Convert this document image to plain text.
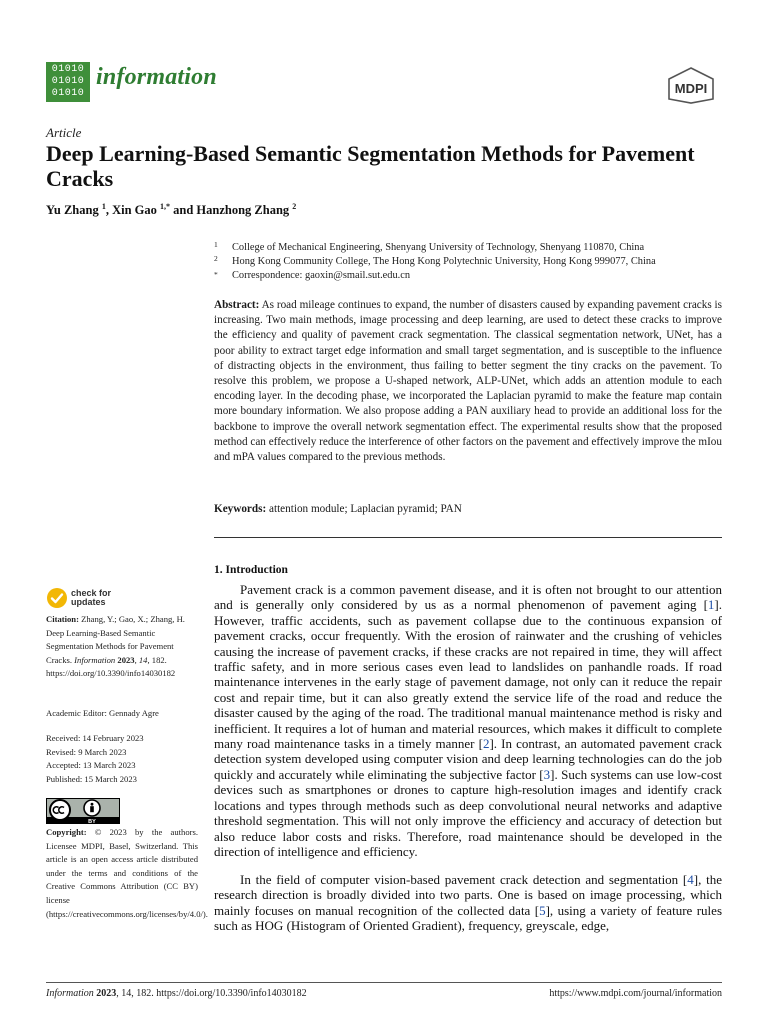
01010
01010
01010
information	MDPI
Article
Deep Learning-Based Semantic Segmentation Methods for Pavement Cracks
Yu Zhang $^1$, Xin Gao $^{1,*}$ and Hanzhong Zhang $^2$
1 College of Mechanical Engineering, Shenyang University of Technology, Shenyang 110870, China
2 Hong Kong Community College, The Hong Kong Polytechnic University, Hong Kong 999077, China
* Correspondence: gaoxin@smail.sut.edu.cn
Abstract: As road mileage continues to expand, the number of disasters caused by expanding pavement cracks is increasing. Two main methods, image processing and deep learning, are used to detect these cracks to improve the efficiency and quality of pavement crack segmentation. The classical segmentation network, UNet, has a poor ability to extract target edge information and small target segmentation, and is susceptible to the influence of distracting objects in the environment, thus failing to better segment the tiny cracks on the pavement. To resolve this problem, we propose a U-shaped network, ALP-UNet, which adds an attention module to each encoding layer. In the decoding phase, we incorporated the Laplacian pyramid to make the feature map contain more boundary information. We also propose adding a PAN auxiliary head to provide an additional loss for the backbone to improve the overall network segmentation effect. The experimental results show that the proposed method can effectively reduce the interference of other factors on the pavement and effectively improve the mIou and mPA values compared to the previous methods.
Keywords: attention module; Laplacian pyramid; PAN
1. Introduction
Pavement crack is a common pavement disease, and it is often not brought to our attention and is generally only considered by us as a normal phenomenon of pavement aging [1]. However, traffic accidents, such as pavement collapse due to the continuous expansion of pavement cracks, occur frequently. With the erosion of rainwater and the crushing of vehicles causing the increase of pavement cracks, if these cracks are not repaired in time, they will affect traffic safety, and in more serious cases even lead to landslides on panhandle roads. If road maintenance intervenes in the early stage of pavement damage, not only can it reduce the repair cost and repair time, but it can also greatly extend the service life of the road and reduce the disaster caused by the aging of the road. The traditional manual maintenance method is risky and inefficient. It requires a lot of human and material resources, which makes it difficult to complete many road maintenance tasks in a timely manner [2]. In contrast, an automated pavement crack detection system developed using computer vision and deep learning technologies can do the job quickly and accurately while eliminating the subjective factor [3]. Such systems can use low-cost devices such as smartphones or drones to capture high-resolution images and identify crack locations and types through methods such as deep convolutional neural networks and adaptive threshold segmentation. This will not only improve the efficiency and accuracy of detection but also reduce labor costs and risks. Therefore, road maintenance should be developed in the direction of intelligence and efficiency.
In the field of computer vision-based pavement crack detection and segmentation [4], the research direction is broadly divided into two parts. One is based on image processing, which mainly focuses on manual recognition of the collected data [5], using a variety of feature rules such as HOG (Histogram of Oriented Gradient), frequency, greyscale, edge,
check for
updates
Citation: Zhang, Y.; Gao, X.; Zhang, H. Deep Learning-Based Semantic Segmentation Methods for Pavement Cracks. Information 2023, 14, 182. https://doi.org/10.3390/info14030182
Academic Editor: Gennady Agre
Received: 14 February 2023
Revised: 9 March 2023
Accepted: 13 March 2023
Published: 15 March 2023
BY
Copyright: © 2023 by the authors. Licensee MDPI, Basel, Switzerland. This article is an open access article distributed under the terms and conditions of the Creative Commons Attribution (CC BY) license (https://creativecommons.org/licenses/by/4.0/).
Information 2023, 14, 182. https://doi.org/10.3390/info14030182	https://www.mdpi.com/journal/information
